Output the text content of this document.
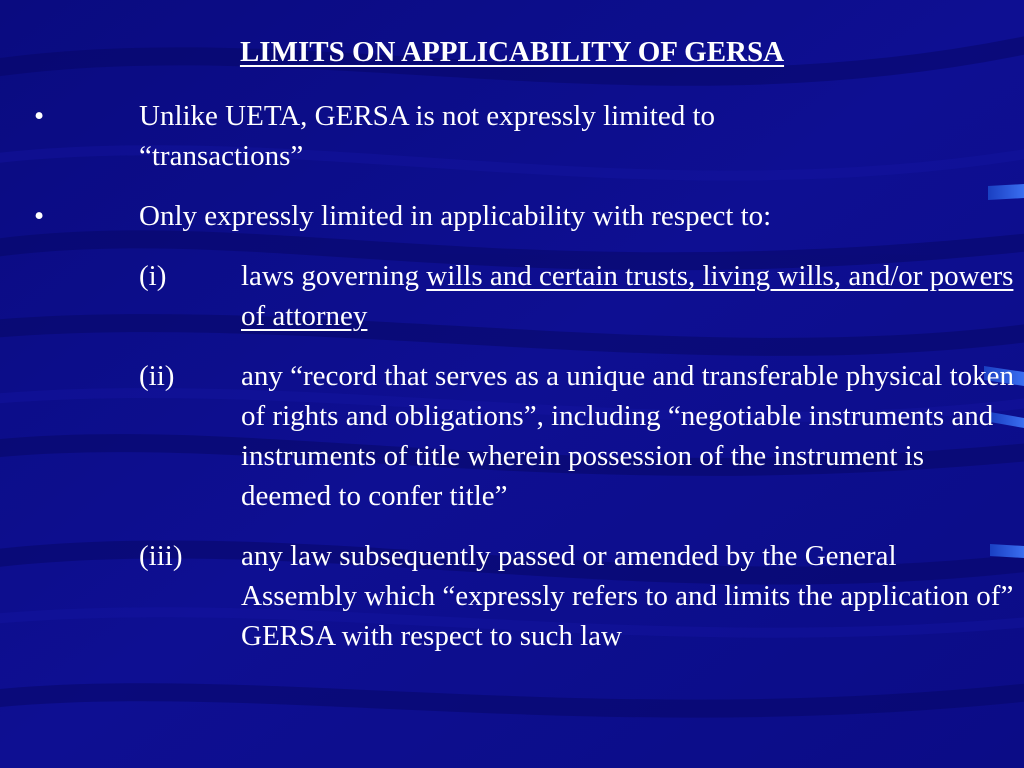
LIMITS ON APPLICABILITY OF GERSA
•	Unlike UETA, GERSA is not expressly limited to “transactions”
•	Only expressly limited in applicability with respect to:
(i)	laws governing wills and certain trusts, living wills, and/or powers of attorney
(ii) any “record that serves as a unique and transferable physical token of rights and obligations”, including “negotiable instruments and instruments of title wherein possession of the instrument is deemed to confer title”
(iii) any law subsequently passed or amended by the General Assembly which “expressly refers to and limits the application of” GERSA with respect to such law
